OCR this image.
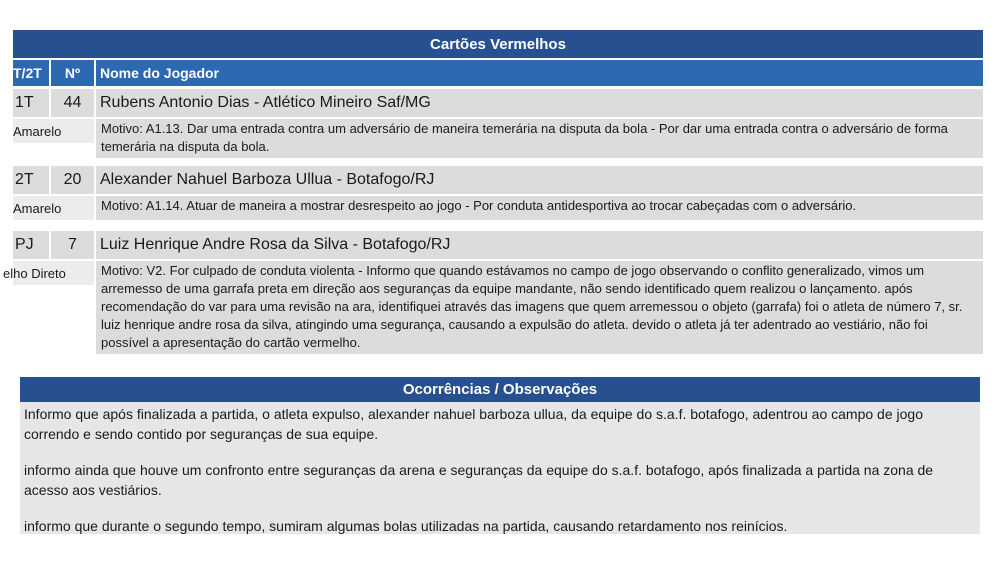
Cartões Vermelhos
T/2T	Nº	Nome do Jogador
1T	44	Rubens Antonio Dias - Atlético Mineiro Saf/MG
Amarelo	Motivo: A1.13. Dar uma entrada contra um adversário de maneira temerária na disputa da bola - Por dar uma entrada contra o adversário de forma temerária na disputa da bola.
2T	20	Alexander Nahuel Barboza Ullua - Botafogo/RJ
Amarelo	Motivo: A1.14. Atuar de maneira a mostrar desrespeito ao jogo - Por conduta antidesportiva ao trocar cabeçadas com o adversário.
PJ	7	Luiz Henrique Andre Rosa da Silva - Botafogo/RJ
elho Direto	Motivo: V2. For culpado de conduta violenta - Informo que quando estávamos no campo de jogo observando o conflito generalizado, vimos um arremesso de uma garrafa preta em direção aos seguranças da equipe mandante, não sendo identificado quem realizou o lançamento. após recomendação do var para uma revisão na ara, identifiquei através das imagens que quem arremessou o objeto (garrafa) foi o atleta de número 7, sr. luiz henrique andre rosa da silva, atingindo uma segurança, causando a expulsão do atleta. devido o atleta já ter adentrado ao vestiário, não foi possível a apresentação do cartão vermelho.
Ocorrências / Observações

Informo que após finalizada a partida, o atleta expulso, alexander nahuel barboza ullua, da equipe do s.a.f. botafogo, adentrou ao campo de jogo correndo e sendo contido por seguranças de sua equipe.

informo ainda que houve um confronto entre seguranças da arena e seguranças da equipe do s.a.f. botafogo, após finalizada a partida na zona de acesso aos vestiários.

informo que durante o segundo tempo, sumiram algumas bolas utilizadas na partida, causando retardamento nos reinícios.
